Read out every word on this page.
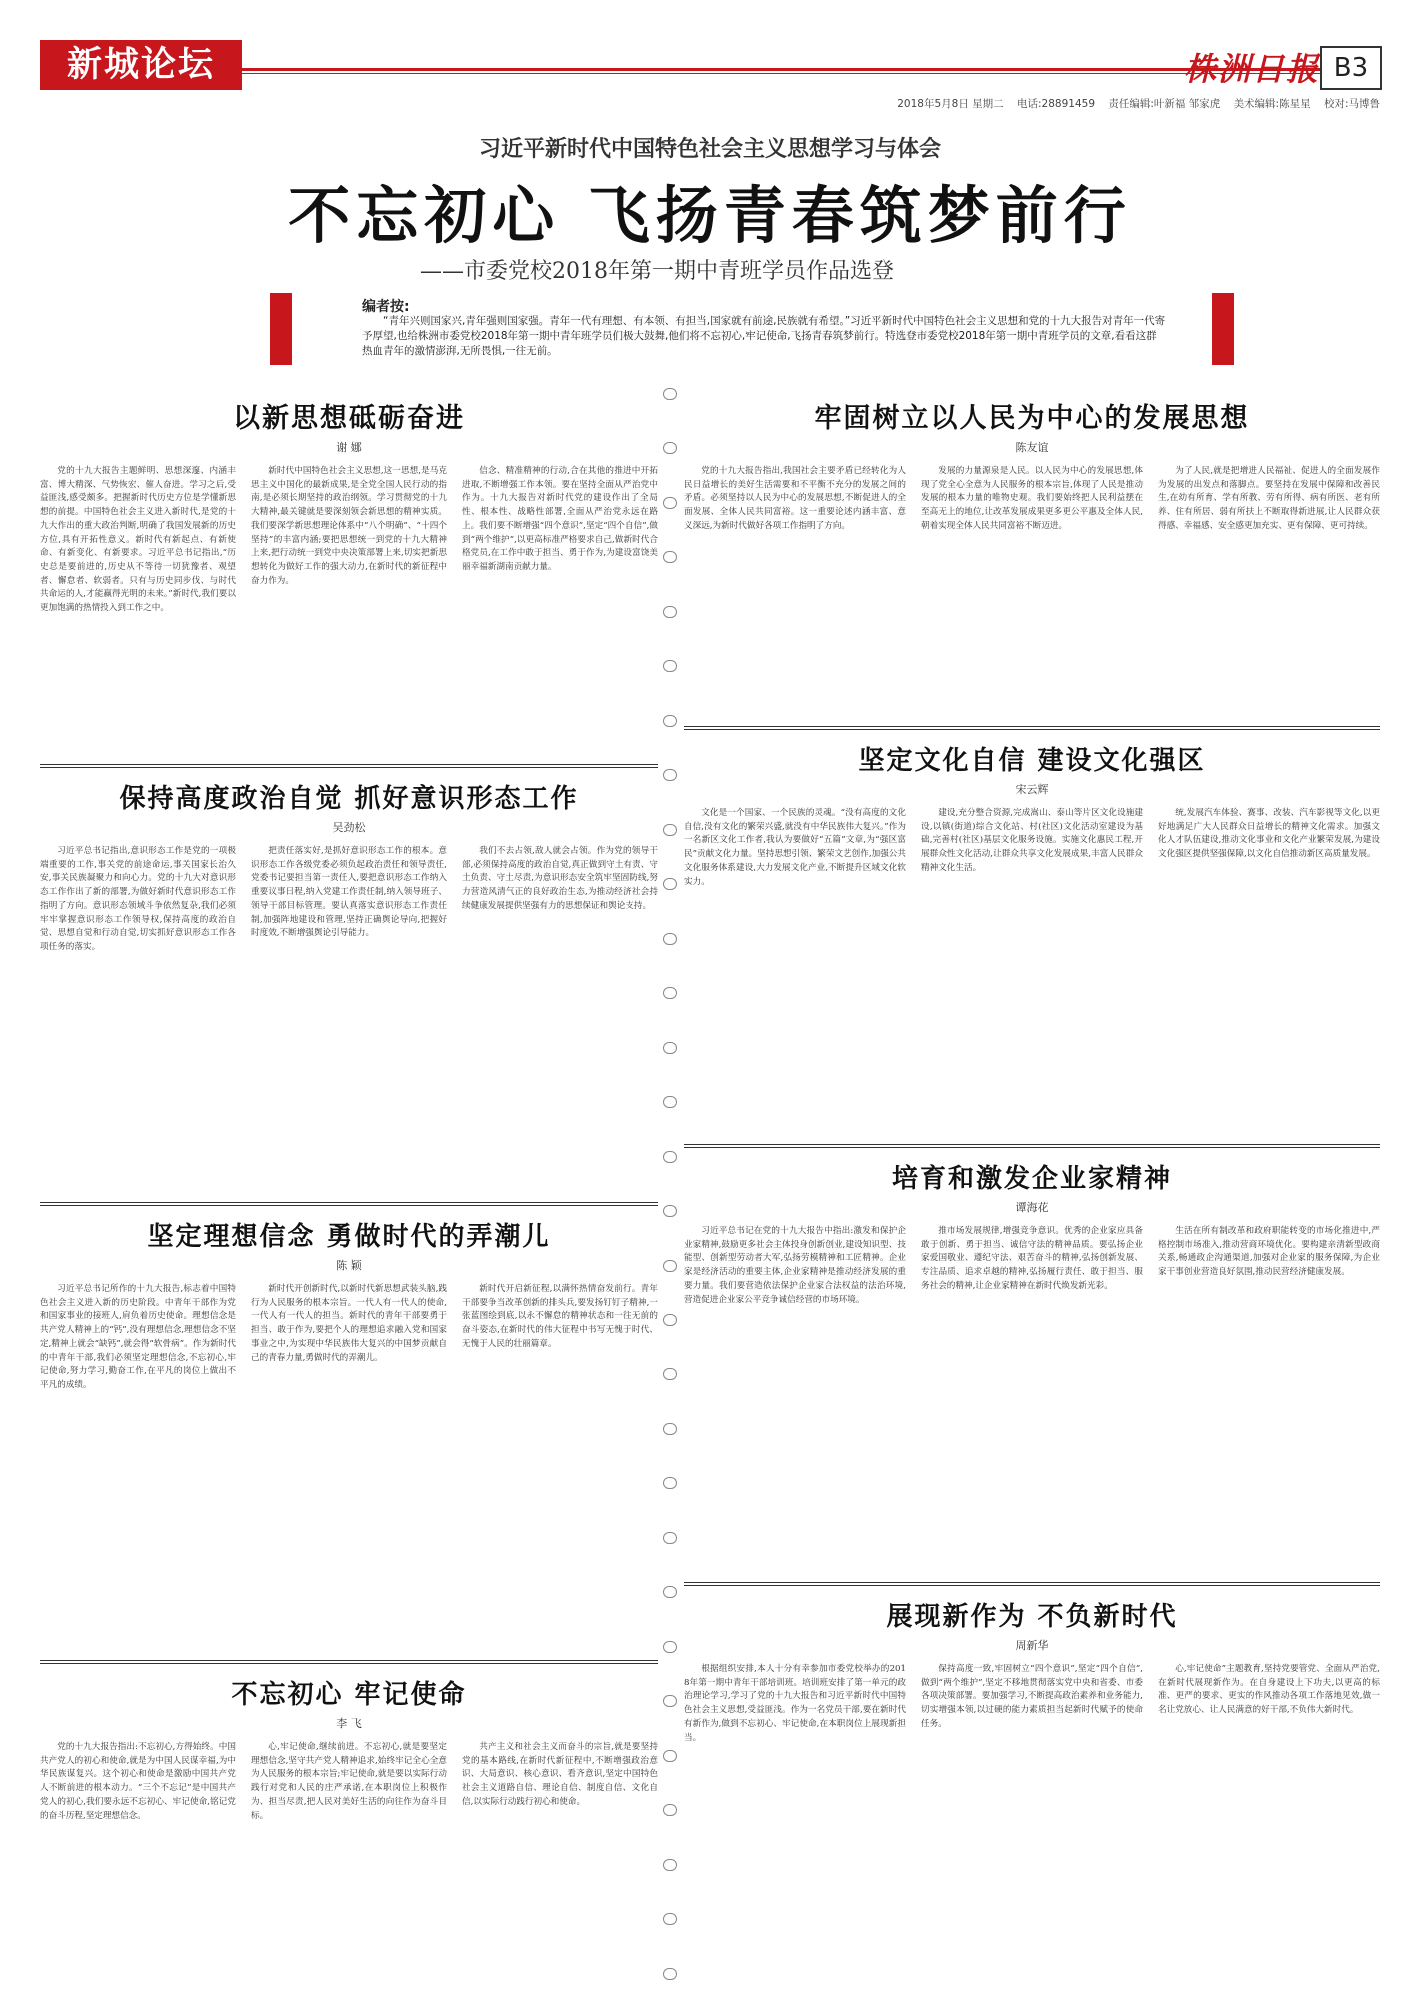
新城论坛	株洲日报 B3
2018年5月8日 星期二 电话:28891459 责任编辑:叶新福 邹家虎 美术编辑:陈星星 校对:马博鲁
习近平新时代中国特色社会主义思想学习与体会
不忘初心 飞扬青春筑梦前行
——市委党校2018年第一期中青班学员作品选登
编者按:
“青年兴则国家兴,青年强则国家强。青年一代有理想、有本领、有担当,国家就有前途,民族就有希望。”习近平新时代中国特色社会主义思想和党的十九大报告对青年一代寄予厚望,也给株洲市委党校2018年第一期中青年班学员们极大鼓舞,他们将不忘初心,牢记使命,飞扬青春筑梦前行。特选登市委党校2018年第一期中青班学员的文章,看看这群热血青年的激情澎湃,无所畏惧,一往无前。
以新思想砥砺奋进
谢 娜

党的十九大报告主题鲜明、思想深邃、内涵丰富、博大精深、气势恢宏、催人奋进。学习之后,受益匪浅,感受颇多。把握新时代历史方位是学懂新思想的前提。中国特色社会主义进入新时代,是党的十九大作出的重大政治判断,明确了我国发展新的历史方位,具有开拓性意义。新时代有新起点、有新使命、有新变化、有新要求。习近平总书记指出,“历史总是要前进的,历史从不等待一切犹豫者、观望者、懈怠者、软弱者。只有与历史同步伐、与时代共命运的人,才能赢得光明的未来。”新时代,我们要以更加饱满的热情投入到工作之中。

新时代中国特色社会主义思想,这一思想,是马克思主义中国化的最新成果,是全党全国人民行动的指南,是必须长期坚持的政治纲领。学习贯彻党的十九大精神,最关键就是要深刻领会新思想的精神实质。我们要深学新思想理论体系中“八个明确”、“十四个坚持”的丰富内涵;要把思想统一到党的十九大精神上来,把行动统一到党中央决策部署上来,切实把新思想转化为做好工作的强大动力,在新时代的新征程中奋力作为。

信念、精准精神的行动,合在其他的推进中开拓进取,不断增强工作本领。要在坚持全面从严治党中作为。十九大报告对新时代党的建设作出了全局性、根本性、战略性部署,全面从严治党永远在路上。我们要不断增强“四个意识”,坚定“四个自信”,做到“两个维护”,以更高标准严格要求自己,做新时代合格党员,在工作中敢于担当、勇于作为,为建设富饶美丽幸福新湖南贡献力量。

保持高度政治自觉 抓好意识形态工作
吴劲松

习近平总书记指出,意识形态工作是党的一项极端重要的工作,事关党的前途命运,事关国家长治久安,事关民族凝聚力和向心力。党的十九大对意识形态工作作出了新的部署,为做好新时代意识形态工作指明了方向。意识形态领域斗争依然复杂,我们必须牢牢掌握意识形态工作领导权,保持高度的政治自觉、思想自觉和行动自觉,切实抓好意识形态工作各项任务的落实。

把责任落实好,是抓好意识形态工作的根本。意识形态工作各级党委必须负起政治责任和领导责任,党委书记要担当第一责任人,要把意识形态工作纳入重要议事日程,纳入党建工作责任制,纳入领导班子、领导干部目标管理。要认真落实意识形态工作责任制,加强阵地建设和管理,坚持正确舆论导向,把握好时度效,不断增强舆论引导能力。

我们不去占领,敌人就会占领。作为党的领导干部,必须保持高度的政治自觉,真正做到守土有责、守土负责、守土尽责,为意识形态安全筑牢坚固防线,努力营造风清气正的良好政治生态,为推动经济社会持续健康发展提供坚强有力的思想保证和舆论支持。

坚定理想信念 勇做时代的弄潮儿
陈 颖

习近平总书记所作的十九大报告,标志着中国特色社会主义进入新的历史阶段。中青年干部作为党和国家事业的接班人,肩负着历史使命。理想信念是共产党人精神上的“钙”,没有理想信念,理想信念不坚定,精神上就会“缺钙”,就会得“软骨病”。作为新时代的中青年干部,我们必须坚定理想信念,不忘初心,牢记使命,努力学习,勤奋工作,在平凡的岗位上做出不平凡的成绩。

新时代开创新时代,以新时代新思想武装头脑,践行为人民服务的根本宗旨。一代人有一代人的使命,一代人有一代人的担当。新时代的青年干部要勇于担当、敢于作为,要把个人的理想追求融入党和国家事业之中,为实现中华民族伟大复兴的中国梦贡献自己的青春力量,勇做时代的弄潮儿。

新时代开启新征程,以满怀热情奋发前行。青年干部要争当改革创新的排头兵,要发扬钉钉子精神,一张蓝图绘到底,以永不懈怠的精神状态和一往无前的奋斗姿态,在新时代的伟大征程中书写无愧于时代、无愧于人民的壮丽篇章。

不忘初心 牢记使命
李 飞

党的十九大报告指出:不忘初心,方得始终。中国共产党人的初心和使命,就是为中国人民谋幸福,为中华民族谋复兴。这个初心和使命是激励中国共产党人不断前进的根本动力。“三个不忘记”是中国共产党人的初心,我们要永远不忘初心、牢记使命,铭记党的奋斗历程,坚定理想信念。

心,牢记使命,继续前进。不忘初心,就是要坚定理想信念,坚守共产党人精神追求,始终牢记全心全意为人民服务的根本宗旨;牢记使命,就是要以实际行动践行对党和人民的庄严承诺,在本职岗位上积极作为、担当尽责,把人民对美好生活的向往作为奋斗目标。

共产主义和社会主义而奋斗的宗旨,就是要坚持党的基本路线,在新时代新征程中,不断增强政治意识、大局意识、核心意识、看齐意识,坚定中国特色社会主义道路自信、理论自信、制度自信、文化自信,以实际行动践行初心和使命。

牢固树立以人民为中心的发展思想
陈友谊

党的十九大报告指出,我国社会主要矛盾已经转化为人民日益增长的美好生活需要和不平衡不充分的发展之间的矛盾。必须坚持以人民为中心的发展思想,不断促进人的全面发展、全体人民共同富裕。这一重要论述内涵丰富、意义深远,为新时代做好各项工作指明了方向。

发展的力量源泉是人民。以人民为中心的发展思想,体现了党全心全意为人民服务的根本宗旨,体现了人民是推动发展的根本力量的唯物史观。我们要始终把人民利益摆在至高无上的地位,让改革发展成果更多更公平惠及全体人民,朝着实现全体人民共同富裕不断迈进。

为了人民,就是把增进人民福祉、促进人的全面发展作为发展的出发点和落脚点。要坚持在发展中保障和改善民生,在幼有所育、学有所教、劳有所得、病有所医、老有所养、住有所居、弱有所扶上不断取得新进展,让人民群众获得感、幸福感、安全感更加充实、更有保障、更可持续。

坚定文化自信 建设文化强区
宋云辉

文化是一个国家、一个民族的灵魂。“没有高度的文化自信,没有文化的繁荣兴盛,就没有中华民族伟大复兴。”作为一名新区文化工作者,我认为要做好“五篇”文章,为“强区富民”贡献文化力量。坚持思想引领、繁荣文艺创作,加强公共文化服务体系建设,大力发展文化产业,不断提升区域文化软实力。

建设,充分整合资源,完成嵩山、泰山等片区文化设施建设,以镇(街道)综合文化站、村(社区)文化活动室建设为基础,完善村(社区)基层文化服务设施。实施文化惠民工程,开展群众性文化活动,让群众共享文化发展成果,丰富人民群众精神文化生活。

统,发展汽车体验、赛事、改装、汽车影视等文化,以更好地满足广大人民群众日益增长的精神文化需求。加强文化人才队伍建设,推动文化事业和文化产业繁荣发展,为建设文化强区提供坚强保障,以文化自信推动新区高质量发展。

培育和激发企业家精神
谭海花

习近平总书记在党的十九大报告中指出:激发和保护企业家精神,鼓励更多社会主体投身创新创业,建设知识型、技能型、创新型劳动者大军,弘扬劳模精神和工匠精神。企业家是经济活动的重要主体,企业家精神是推动经济发展的重要力量。我们要营造依法保护企业家合法权益的法治环境,营造促进企业家公平竞争诚信经营的市场环境。

推市场发展规律,增强竞争意识。优秀的企业家应具备敢于创新、勇于担当、诚信守法的精神品质。要弘扬企业家爱国敬业、遵纪守法、艰苦奋斗的精神,弘扬创新发展、专注品质、追求卓越的精神,弘扬履行责任、敢于担当、服务社会的精神,让企业家精神在新时代焕发新光彩。

生活在所有制改革和政府职能转变的市场化推进中,严格控制市场准入,推动营商环境优化。要构建亲清新型政商关系,畅通政企沟通渠道,加强对企业家的服务保障,为企业家干事创业营造良好氛围,推动民营经济健康发展。

展现新作为 不负新时代
周新华

根据组织安排,本人十分有幸参加市委党校举办的2018年第一期中青年干部培训班。培训班安排了第一单元的政治理论学习,学习了党的十九大报告和习近平新时代中国特色社会主义思想,受益匪浅。作为一名党员干部,要在新时代有新作为,做到不忘初心、牢记使命,在本职岗位上展现新担当。

保持高度一致,牢固树立“四个意识”,坚定“四个自信”,做到“两个维护”,坚定不移地贯彻落实党中央和省委、市委各项决策部署。要加强学习,不断提高政治素养和业务能力,切实增强本领,以过硬的能力素质担当起新时代赋予的使命任务。

心,牢记使命”主题教育,坚持党要管党、全面从严治党,在新时代展现新作为。在自身建设上下功夫,以更高的标准、更严的要求、更实的作风推动各项工作落地见效,做一名让党放心、让人民满意的好干部,不负伟大新时代。
